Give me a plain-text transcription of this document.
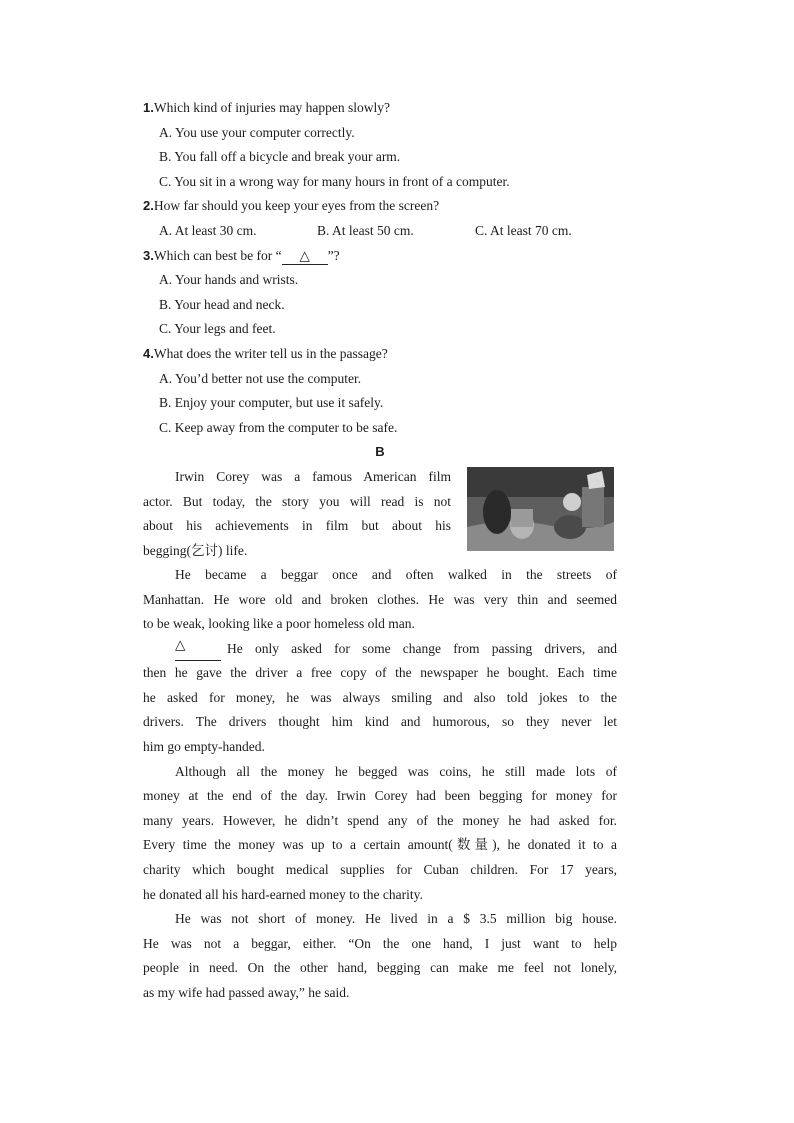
1.Which kind of injuries may happen slowly?
A. You use your computer correctly.
B. You fall off a bicycle and break your arm.
C. You sit in a wrong way for many hours in front of a computer.
2.How far should you keep your eyes from the screen?
A. At least 30 cm.	B. At least 50 cm.	C. At least 70 cm.
3.Which can best be for “ △ ”?
A. Your hands and wrists.
B. Your head and neck.
C. Your legs and feet.
4.What does the writer tell us in the passage?
A. You’d better not use the computer.
B. Enjoy your computer, but use it safely.
C. Keep away from the computer to be safe.
B
Irwin Corey was a famous American film
actor. But today, the story you will read is not
about his achievements in film but about his
begging(乞讨) life.
He became a beggar once and often walked in the streets of
Manhattan. He wore old and broken clothes. He was very thin and seemed
to be weak, looking like a poor homeless old man.
△	He only asked for some change from passing drivers, and
then he gave the driver a free copy of the newspaper he bought. Each time
he asked for money, he was always smiling and also told jokes to the
drivers. The drivers thought him kind and humorous, so they never let
him go empty-handed.
Although all the money he begged was coins, he still made lots of
money at the end of the day. Irwin Corey had been begging for money for
many years. However, he didn’t spend any of the money he had asked for.
Every time the money was up to a certain amount(数量), he donated it to a
charity which bought medical supplies for Cuban children. For 17 years,
he donated all his hard-earned money to the charity.
He was not short of money. He lived in a $ 3.5 million big house.
He was not a beggar, either. “On the one hand, I just want to help
people in need. On the other hand, begging can make me feel not lonely,
as my wife had passed away,” he said.
